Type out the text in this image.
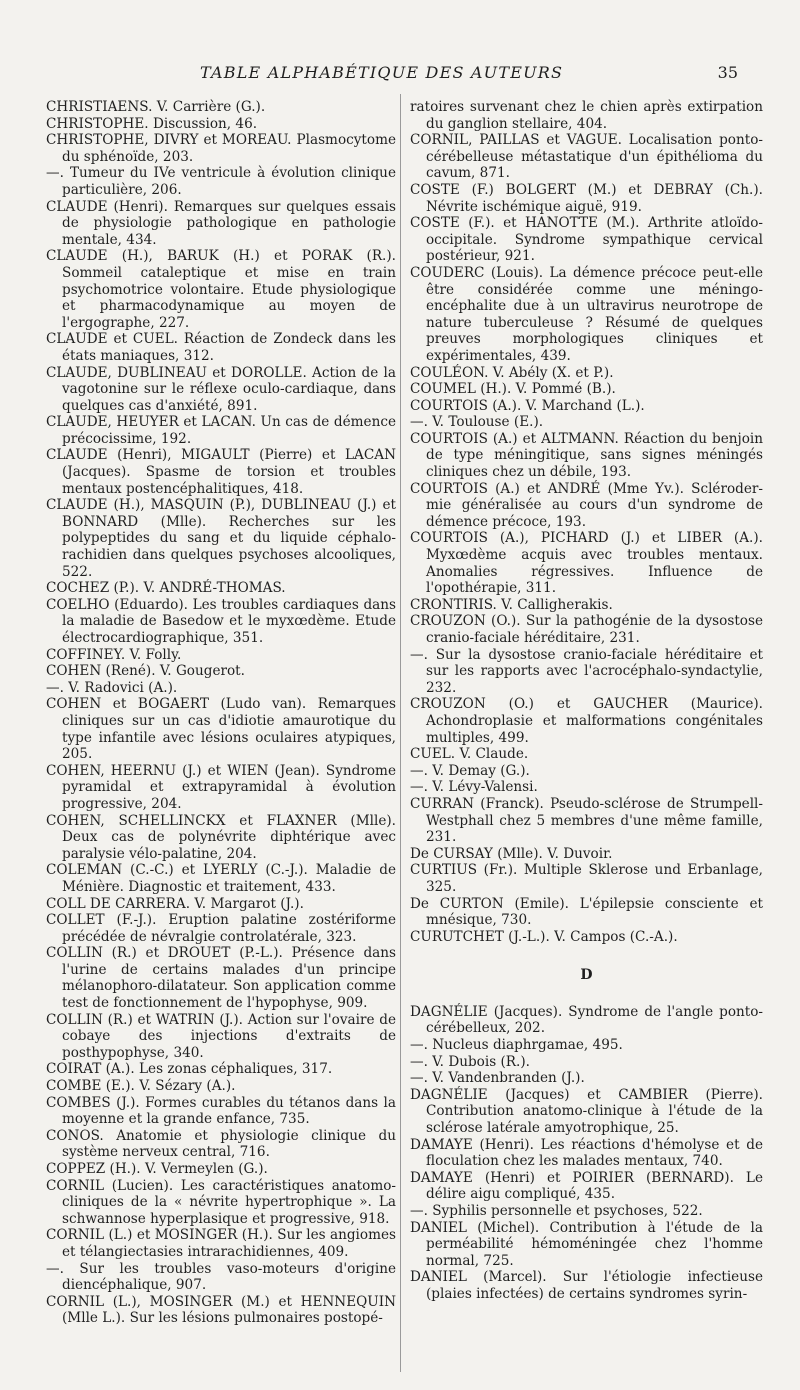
TABLE ALPHABÉTIQUE DES AUTEURS	35

CHRISTIAENS. V. Carrière (G.).

CHRISTOPHE. Discussion, 46.

CHRISTOPHE, DIVRY et MOREAU. Plasmocytome du sphénoïde, 203.

—. Tumeur du IVe ventricule à évolution clinique particulière, 206.

CLAUDE (Henri). Remarques sur quelques essais de physiologie pathologique en pathologie mentale, 434.

CLAUDE (H.), BARUK (H.) et PORAK (R.). Sommeil cataleptique et mise en train psychomotrice volontaire. Etude physiologique et pharmacodynamique au moyen de l'ergographe, 227.

CLAUDE et CUEL. Réaction de Zondeck dans les états maniaques, 312.

CLAUDE, DUBLINEAU et DOROLLE. Action de la vagotonine sur le réflexe oculo-cardiaque, dans quelques cas d'anxiété, 891.

CLAUDE, HEUYER et LACAN. Un cas de démence précocissime, 192.

CLAUDE (Henri), MIGAULT (Pierre) et LACAN (Jacques). Spasme de torsion et troubles mentaux postencéphalitiques, 418.

CLAUDE (H.), MASQUIN (P.), DUBLINEAU (J.) et BONNARD (Mlle). Recherches sur les polypeptides du sang et du liquide céphalo-rachidien dans quelques psychoses alcooliques, 522.

COCHEZ (P.). V. ANDRÉ-THOMAS.

COELHO (Eduardo). Les troubles cardiaques dans la maladie de Basedow et le myxœdème. Etude électrocardiographique, 351.

COFFINEY. V. Folly.

COHEN (René). V. Gougerot.

—. V. Radovici (A.).

COHEN et BOGAERT (Ludo van). Remarques cliniques sur un cas d'idiotie amaurotique du type infantile avec lésions oculaires atypiques, 205.

COHEN, HEERNU (J.) et WIEN (Jean). Syndrome pyramidal et extrapyramidal à évolution progressive, 204.

COHEN, SCHELLINCKX et FLAXNER (Mlle). Deux cas de polynévrite diphtérique avec paralysie vélo-palatine, 204.

COLEMAN (C.-C.) et LYERLY (C.-J.). Maladie de Ménière. Diagnostic et traitement, 433.

COLL DE CARRERA. V. Margarot (J.).

COLLET (F.-J.). Eruption palatine zostériforme précédée de névralgie controlatérale, 323.

COLLIN (R.) et DROUET (P.-L.). Présence dans l'urine de certains malades d'un principe mélanophoro-dilatateur. Son application comme test de fonctionnement de l'hypophyse, 909.

COLLIN (R.) et WATRIN (J.). Action sur l'ovaire de cobaye des injections d'extraits de posthypophyse, 340.

COIRAT (A.). Les zonas céphaliques, 317.

COMBE (E.). V. Sézary (A.).

COMBES (J.). Formes curables du tétanos dans la moyenne et la grande enfance, 735.

CONOS. Anatomie et physiologie clinique du système nerveux central, 716.

COPPEZ (H.). V. Vermeylen (G.).

CORNIL (Lucien). Les caractéristiques anatomo-cliniques de la « névrite hypertrophique ». La schwannose hyperplasique et progressive, 918.

CORNIL (L.) et MOSINGER (H.). Sur les angiomes et télangiectasies intrarachidiennes, 409.

—. Sur les troubles vaso-moteurs d'origine diencéphalique, 907.

CORNIL (L.), MOSINGER (M.) et HENNEQUIN (Mlle L.). Sur les lésions pulmonaires postopé-

ratoires survenant chez le chien après extirpation du ganglion stellaire, 404.

CORNIL, PAILLAS et VAGUE. Localisation ponto-cérébelleuse métastatique d'un épithélioma du cavum, 871.

COSTE (F.) BOLGERT (M.) et DEBRAY (Ch.). Névrite ischémique aiguë, 919.

COSTE (F.). et HANOTTE (M.). Arthrite atloïdo-occipitale. Syndrome sympathique cervical postérieur, 921.

COUDERC (Louis). La démence précoce peut-elle être considérée comme une méningo-encéphalite due à un ultravirus neurotrope de nature tuberculeuse ? Résumé de quelques preuves morphologiques cliniques et expérimentales, 439.

COULÉON. V. Abély (X. et P.).

COUMEL (H.). V. Pommé (B.).

COURTOIS (A.). V. Marchand (L.).

—. V. Toulouse (E.).

COURTOIS (A.) et ALTMANN. Réaction du benjoin de type méningitique, sans signes méningés cliniques chez un débile, 193.

COURTOIS (A.) et ANDRÉ (Mme Yv.). Scléroder-mie généralisée au cours d'un syndrome de démence précoce, 193.

COURTOIS (A.), PICHARD (J.) et LIBER (A.). Myxœdème acquis avec troubles mentaux. Anomalies régressives. Influence de l'opothérapie, 311.

CRONTIRIS. V. Calligherakis.

CROUZON (O.). Sur la pathogénie de la dysostose cranio-faciale héréditaire, 231.

—. Sur la dysostose cranio-faciale héréditaire et sur les rapports avec l'acrocéphalo-syndactylie, 232.

CROUZON (O.) et GAUCHER (Maurice). Achondroplasie et malformations congénitales multiples, 499.

CUEL. V. Claude.

—. V. Demay (G.).

—. V. Lévy-Valensi.

CURRAN (Franck). Pseudo-sclérose de Strumpell-Westphall chez 5 membres d'une même famille, 231.

De CURSAY (Mlle). V. Duvoir.

CURTIUS (Fr.). Multiple Sklerose und Erbanlage, 325.

De CURTON (Emile). L'épilepsie consciente et mnésique, 730.

CURUTCHET (J.-L.). V. Campos (C.-A.).

D

DAGNÉLIE (Jacques). Syndrome de l'angle ponto-cérébelleux, 202.

—. Nucleus diaphrgamae, 495.

—. V. Dubois (R.).

—. V. Vandenbranden (J.).

DAGNÉLIE (Jacques) et CAMBIER (Pierre). Contribution anatomo-clinique à l'étude de la sclérose latérale amyotrophique, 25.

DAMAYE (Henri). Les réactions d'hémolyse et de floculation chez les malades mentaux, 740.

DAMAYE (Henri) et POIRIER (BERNARD). Le délire aigu compliqué, 435.

—. Syphilis personnelle et psychoses, 522.

DANIEL (Michel). Contribution à l'étude de la perméabilité hémoméningée chez l'homme normal, 725.

DANIEL (Marcel). Sur l'étiologie infectieuse (plaies infectées) de certains syndromes syrin-
